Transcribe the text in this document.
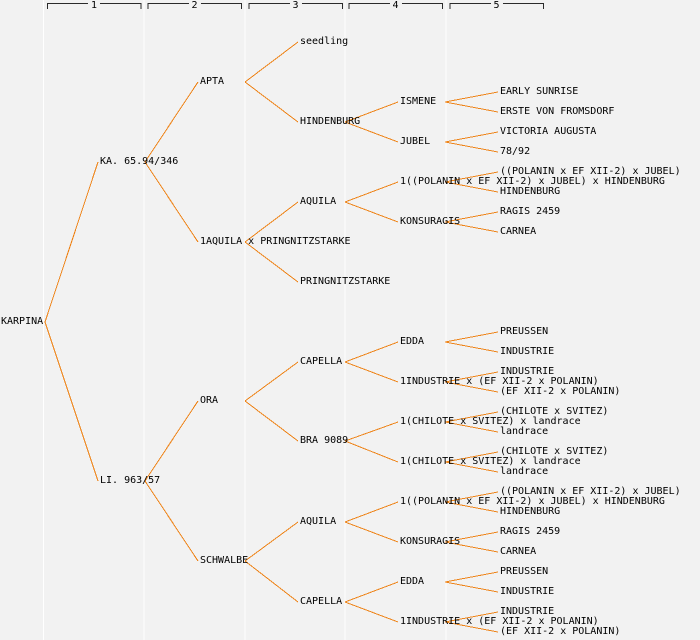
1	2	3	4	5
KARPINA
KA. 65.94/346
LI. 963/57
APTA
1AQUILA x PRINGNITZSTARKE
ORA
SCHWALBE
seedling
HINDENBURG
AQUILA
PRINGNITZSTARKE
CAPELLA
BRA 9089
AQUILA
CAPELLA
ISMENE
JUBEL
1((POLANIN x EF XII-2) x JUBEL) x HINDENBURG
KONSURAGIS
EDDA
1INDUSTRIE x (EF XII-2 x POLANIN)
1(CHILOTE x SVITEZ) x landrace
1(CHILOTE x SVITEZ) x landrace
1((POLANIN x EF XII-2) x JUBEL) x HINDENBURG
KONSURAGIS
EDDA
1INDUSTRIE x (EF XII-2 x POLANIN)
EARLY SUNRISE
ERSTE VON FROMSDORF
VICTORIA AUGUSTA
78/92
((POLANIN x EF XII-2) x JUBEL)
HINDENBURG
RAGIS 2459
CARNEA
PREUSSEN
INDUSTRIE
INDUSTRIE
(EF XII-2 x POLANIN)
(CHILOTE x SVITEZ)
landrace
(CHILOTE x SVITEZ)
landrace
((POLANIN x EF XII-2) x JUBEL)
HINDENBURG
RAGIS 2459
CARNEA
PREUSSEN
INDUSTRIE
INDUSTRIE
(EF XII-2 x POLANIN)
